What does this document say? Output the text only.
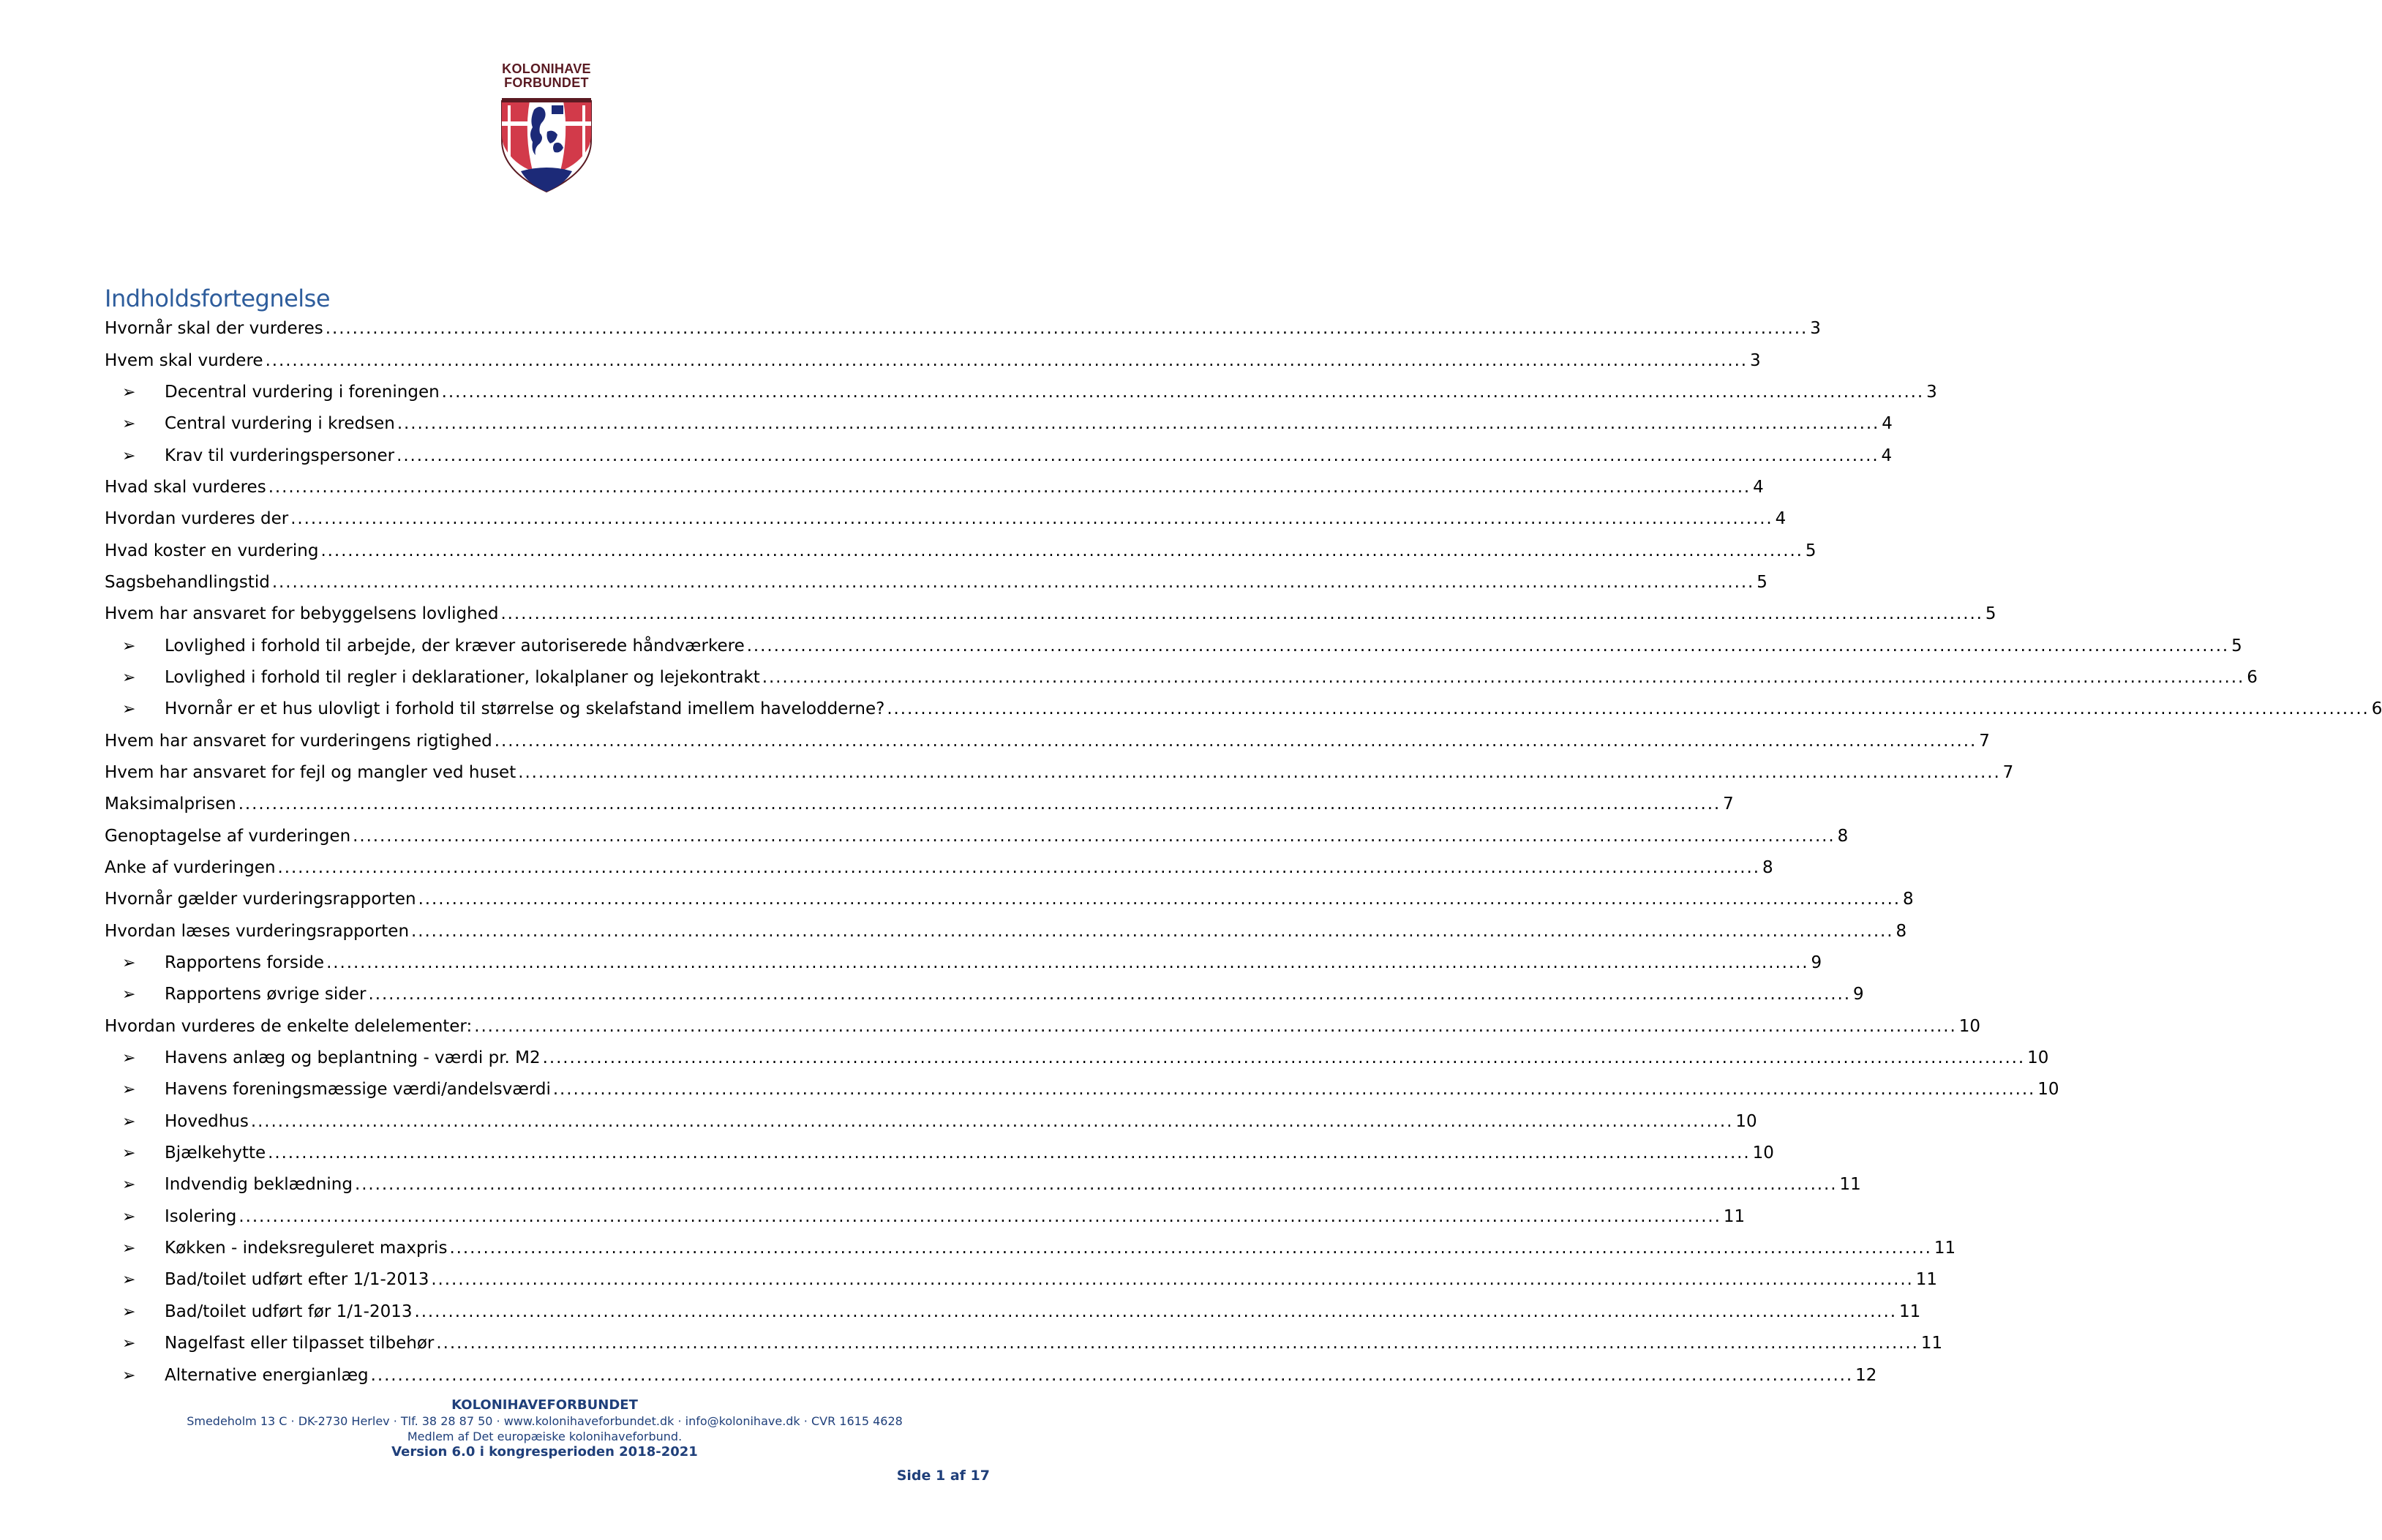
KOLONIHAVE
FORBUNDET
Indholdsfortegnelse
Hvornår skal der vurderes ............................................................................................................................................................................................................................ 3
Hvem skal vurdere ............................................................................................................................................................................................................................ 3
➢	Decentral vurdering i foreningen ............................................................................................................................................................................................................................ 3
➢	Central vurdering i kredsen ............................................................................................................................................................................................................................ 4
➢	Krav til vurderingspersoner ............................................................................................................................................................................................................................ 4
Hvad skal vurderes ............................................................................................................................................................................................................................ 4
Hvordan vurderes der ............................................................................................................................................................................................................................ 4
Hvad koster en vurdering ............................................................................................................................................................................................................................ 5
Sagsbehandlingstid ............................................................................................................................................................................................................................ 5
Hvem har ansvaret for bebyggelsens lovlighed ............................................................................................................................................................................................................................ 5
➢	Lovlighed i forhold til arbejde, der kræver autoriserede håndværkere ............................................................................................................................................................................................................................ 5
➢	Lovlighed i forhold til regler i deklarationer, lokalplaner og lejekontrakt ............................................................................................................................................................................................................................ 6
➢	Hvornår er et hus ulovligt i forhold til størrelse og skelafstand imellem havelodderne? ............................................................................................................................................................................................................................ 6
Hvem har ansvaret for vurderingens rigtighed ............................................................................................................................................................................................................................ 7
Hvem har ansvaret for fejl og mangler ved huset ............................................................................................................................................................................................................................ 7
Maksimalprisen ............................................................................................................................................................................................................................ 7
Genoptagelse af vurderingen ............................................................................................................................................................................................................................ 8
Anke af vurderingen ............................................................................................................................................................................................................................ 8
Hvornår gælder vurderingsrapporten ............................................................................................................................................................................................................................ 8
Hvordan læses vurderingsrapporten ............................................................................................................................................................................................................................ 8
➢	Rapportens forside ............................................................................................................................................................................................................................ 9
➢	Rapportens øvrige sider ............................................................................................................................................................................................................................ 9
Hvordan vurderes de enkelte delelementer: ............................................................................................................................................................................................................................ 10
➢	Havens anlæg og beplantning - værdi pr. M2 ............................................................................................................................................................................................................................ 10
➢	Havens foreningsmæssige værdi/andelsværdi ............................................................................................................................................................................................................................ 10
➢	Hovedhus ............................................................................................................................................................................................................................ 10
➢	Bjælkehytte ............................................................................................................................................................................................................................ 10
➢	Indvendig beklædning ............................................................................................................................................................................................................................ 11
➢	Isolering ............................................................................................................................................................................................................................ 11
➢	Køkken - indeksreguleret maxpris ............................................................................................................................................................................................................................ 11
➢	Bad/toilet udført efter 1/1-2013 ............................................................................................................................................................................................................................ 11
➢	Bad/toilet udført før 1/1-2013 ............................................................................................................................................................................................................................ 11
➢	Nagelfast eller tilpasset tilbehør ............................................................................................................................................................................................................................ 11
➢	Alternative energianlæg ............................................................................................................................................................................................................................ 12
KOLONIHAVEFORBUNDET
Smedeholm 13 C · DK-2730 Herlev · Tlf. 38 28 87 50 · www.kolonihaveforbundet.dk · info@kolonihave.dk · CVR 1615 4628
Medlem af Det europæiske kolonihaveforbund.
Version 6.0 i kongresperioden 2018-2021
Side 1 af 17
